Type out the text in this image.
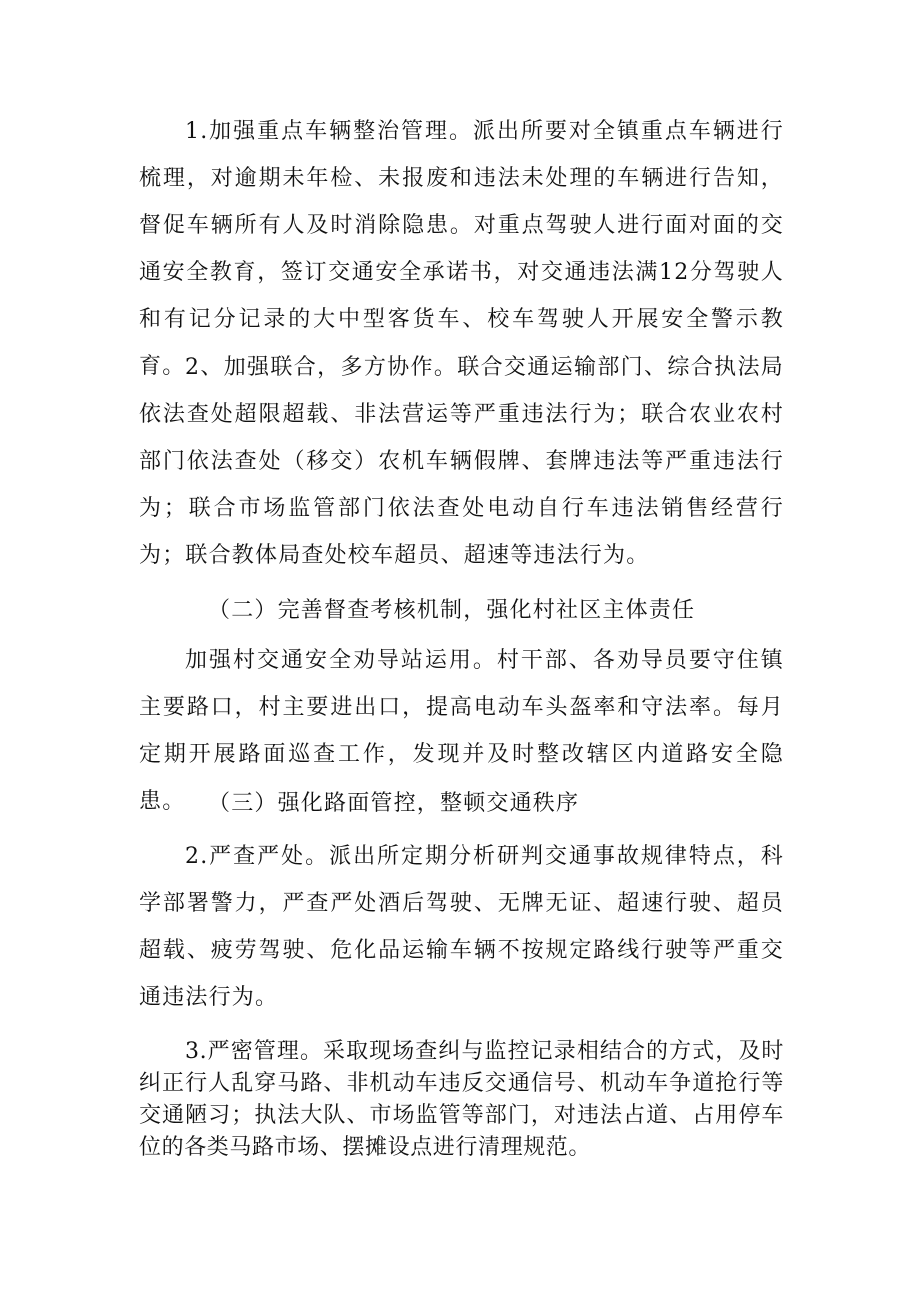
1.加强重点车辆整治管理。派出所要对全镇重点车辆进行梳理，对逾期未年检、未报废和违法未处理的车辆进行告知，督促车辆所有人及时消除隐患。对重点驾驶人进行面对面的交通安全教育，签订交通安全承诺书，对交通违法满12分驾驶人和有记分记录的大中型客货车、校车驾驶人开展安全警示教育。 2、加强联合，多方协作。联合交通运输部门、综合执法局依法查处超限超载、非法营运等严重违法行为；联合农业农村部门依法查处（移交）农机车辆假牌、套牌违法等严重违法行为；联合市场监管部门依法查处电动自行车违法销售经营行为；联合教体局查处校车超员、超速等违法行为。

（二）完善督查考核机制，强化村社区主体责任

加强村交通安全劝导站运用。村干部、各劝导员要守住镇主要路口，村主要进出口，提高电动车头盔率和守法率。每月定期开展路面巡查工作，发现并及时整改辖区内道路安全隐患。	（三）强化路面管控，整顿交通秩序

2.严查严处。派出所定期分析研判交通事故规律特点，科学部署警力，严查严处酒后驾驶、无牌无证、超速行驶、超员超载、疲劳驾驶、危化品运输车辆不按规定路线行驶等严重交通违法行为。

3.严密管理。采取现场查纠与监控记录相结合的方式，及时纠正行人乱穿马路、非机动车违反交通信号、机动车争道抢行等交通陋习；执法大队、市场监管等部门，对违法占道、占用停车位的各类马路市场、摆摊设点进行清理规范。
